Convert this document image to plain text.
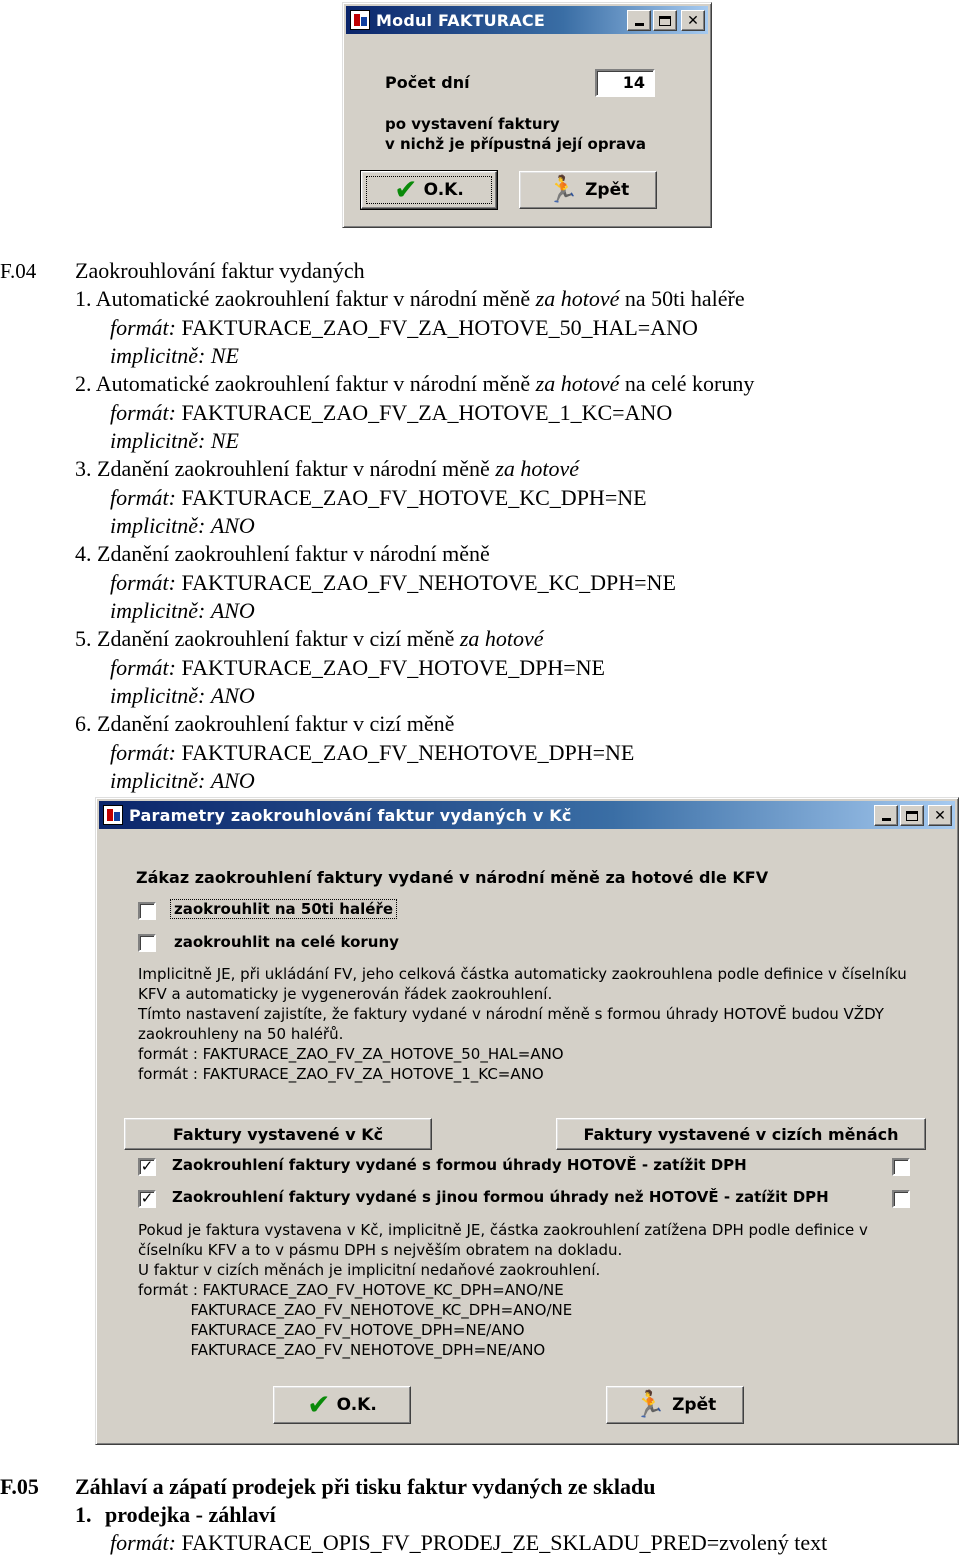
Modul FAKTURACE	✕
Počet dní	14
po vystavení faktury
v nichž je přípustná její oprava
✔ O.K.	🏃 Zpět
F.04 Zaokrouhlování faktur vydaných
1. Automatické zaokrouhlení faktur v národní měně za hotové na 50ti haléře
formát: FAKTURACE_ZAO_FV_ZA_HOTOVE_50_HAL=ANO
implicitně: NE
2. Automatické zaokrouhlení faktur v národní měně za hotové na celé koruny
formát: FAKTURACE_ZAO_FV_ZA_HOTOVE_1_KC=ANO
implicitně: NE
3. Zdanění zaokrouhlení faktur v národní měně za hotové
formát: FAKTURACE_ZAO_FV_HOTOVE_KC_DPH=NE
implicitně: ANO
4. Zdanění zaokrouhlení faktur v národní měně
formát: FAKTURACE_ZAO_FV_NEHOTOVE_KC_DPH=NE
implicitně: ANO
5. Zdanění zaokrouhlení faktur v cizí měně za hotové
formát: FAKTURACE_ZAO_FV_HOTOVE_DPH=NE
implicitně: ANO
6. Zdanění zaokrouhlení faktur v cizí měně
formát: FAKTURACE_ZAO_FV_NEHOTOVE_DPH=NE
implicitně: ANO
Parametry zaokrouhlování faktur vydaných v Kč	✕
Zákaz zaokrouhlení faktury vydané v národní měně za hotové dle KFV
zaokrouhlit na 50ti haléře
zaokrouhlit na celé koruny
Implicitně JE, při ukládání FV, jeho celková částka automaticky zaokrouhlena podle definice v číselníku
KFV a automaticky je vygenerován řádek zaokrouhlení.
Tímto nastavení zajistíte, že faktury vydané v národní měně s formou úhrady HOTOVĚ budou VŽDY
zaokrouhleny na 50 haléřů.
formát : FAKTURACE_ZAO_FV_ZA_HOTOVE_50_HAL=ANO
formát : FAKTURACE_ZAO_FV_ZA_HOTOVE_1_KC=ANO
Faktury vystavené v Kč	Faktury vystavené v cizích měnách
✓ Zaokrouhlení faktury vydané s formou úhrady HOTOVĚ - zatížit DPH
✓ Zaokrouhlení faktury vydané s jinou formou úhrady než HOTOVĚ - zatížit DPH
Pokud je faktura vystavena v Kč, implicitně JE, částka zaokrouhlení zatížena DPH podle definice v
číselníku KFV a to v pásmu DPH s nejvěším obratem na dokladu.
U faktur v cizích měnách je implicitní nedaňové zaokrouhlení.
formát : FAKTURACE_ZAO_FV_HOTOVE_KC_DPH=ANO/NE
FAKTURACE_ZAO_FV_NEHOTOVE_KC_DPH=ANO/NE
FAKTURACE_ZAO_FV_HOTOVE_DPH=NE/ANO
FAKTURACE_ZAO_FV_NEHOTOVE_DPH=NE/ANO
✔ O.K.	🏃 Zpět
F.05 Záhlaví a zápatí prodejek při tisku faktur vydaných ze skladu
1. prodejka - záhlaví
formát: FAKTURACE_OPIS_FV_PRODEJ_ZE_SKLADU_PRED=zvolený text
